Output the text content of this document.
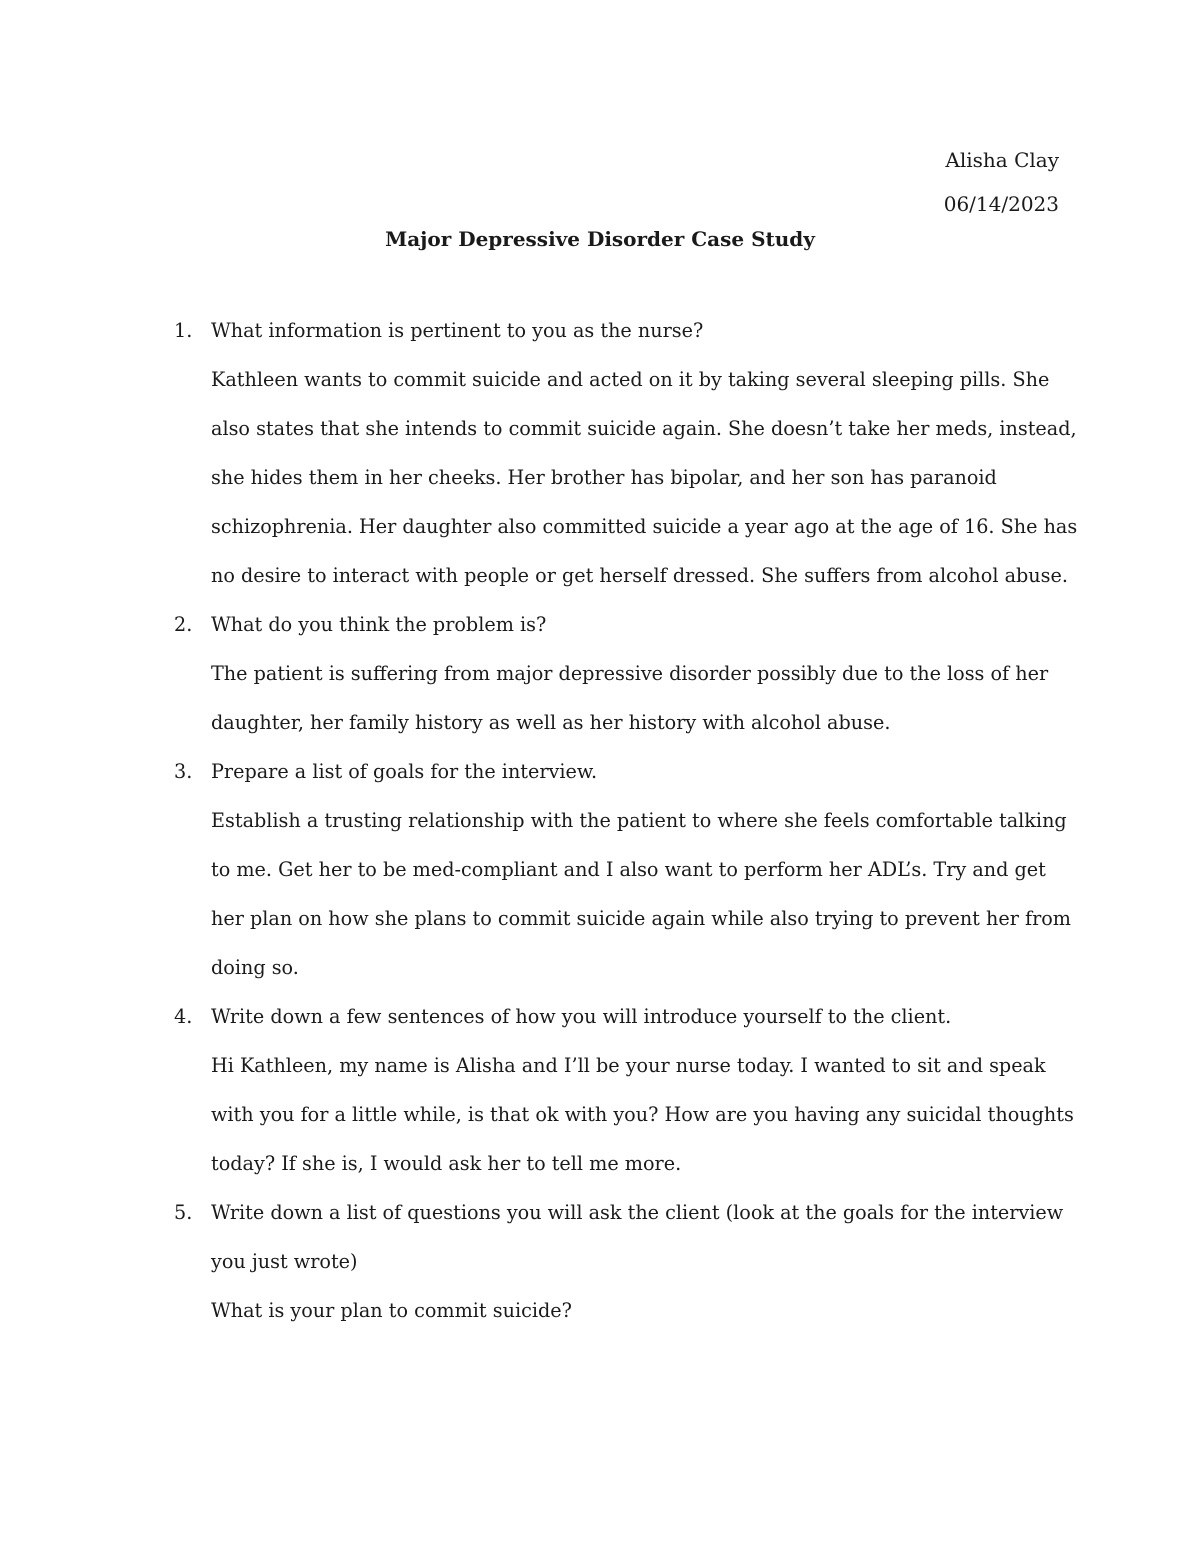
Alisha Clay
06/14/2023
Major Depressive Disorder Case Study
1. What information is pertinent to you as the nurse?

Kathleen wants to commit suicide and acted on it by taking several sleeping pills. She
also states that she intends to commit suicide again. She doesn’t take her meds, instead,
she hides them in her cheeks. Her brother has bipolar, and her son has paranoid
schizophrenia. Her daughter also committed suicide a year ago at the age of 16. She has
no desire to interact with people or get herself dressed. She suffers from alcohol abuse.

2. What do you think the problem is?

The patient is suffering from major depressive disorder possibly due to the loss of her
daughter, her family history as well as her history with alcohol abuse.

3. Prepare a list of goals for the interview.

Establish a trusting relationship with the patient to where she feels comfortable talking
to me. Get her to be med-compliant and I also want to perform her ADL’s. Try and get
her plan on how she plans to commit suicide again while also trying to prevent her from
doing so.

4. Write down a few sentences of how you will introduce yourself to the client.

Hi Kathleen, my name is Alisha and I’ll be your nurse today. I wanted to sit and speak
with you for a little while, is that ok with you? How are you having any suicidal thoughts
today? If she is, I would ask her to tell me more.

5. Write down a list of questions you will ask the client (look at the goals for the interview
you just wrote)

What is your plan to commit suicide?
